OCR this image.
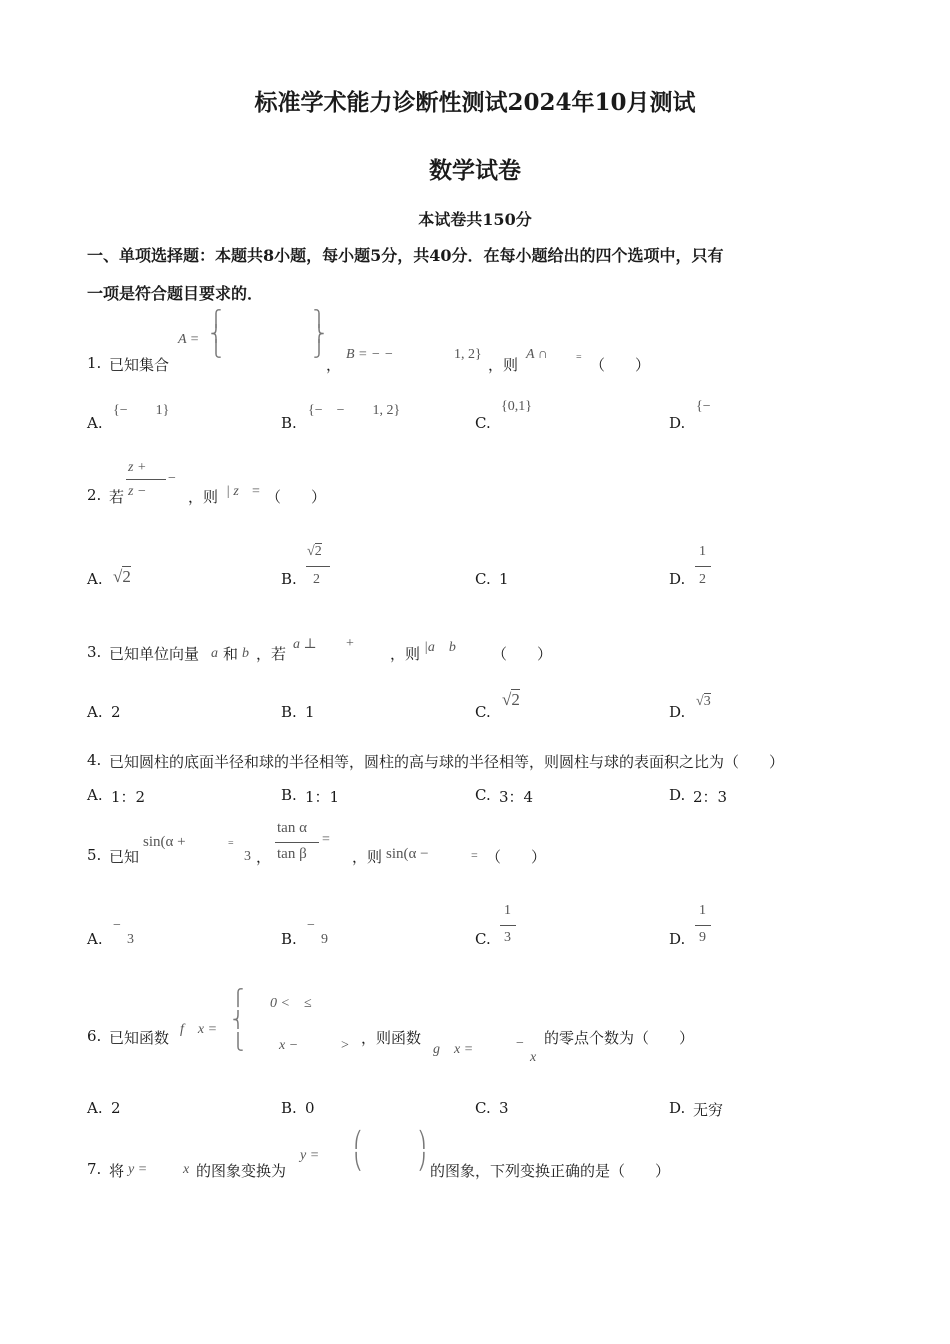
标准学术能力诊断性测试2024年10月测试
数学试卷
本试卷共150分
一、单项选择题：本题共8小题，每小题5分，共40分．在每小题给出的四个选项中，只有
一项是符合题目要求的．
1. 已知集合
A =
⎧
⎨
⎩
⎫
⎬
⎭
，
B = − −	1, 2}
，则
A ∩	= （　　）
A.
{−　　1}
B.
{−　−　　1, 2}
C.
{0,1}
D.
{−
2. 若
z +
z −
−
，则 | z = （　　）
A. √2	B.
√2
2	C. 1	D.
1
2
3. 已知单位向量 a 和 b ，若
a ⊥ +
，则 |a　b （　　）
A. 2	B. 1	C.
√2
D.
√3
4. 已知圆柱的底面半径和球的半径相等，圆柱的高与球的半径相等，则圆柱与球的表面积之比为（　　）
A. 1：2	B. 1：1	C. 3：4	D. 2：3
5. 已知
sin(α +	=
3 ，
tan α
tan β
=
，则 sin(α −	= （　　）
A.
−
3	B.
−
9	C.
1
3	D.
1
9
6. 已知函数 f　x =
⎧
⎨
⎩
0 <　≤
x −　　　> ，则函数
g　x =	−
x
的零点个数为（　　）
A. 2	B. 0	C. 3	D. 无穷
7. 将 y =	x 的图象变换为
y =
⎛
⎝
⎞
⎠ 的图象，下列变换正确的是（　　）
